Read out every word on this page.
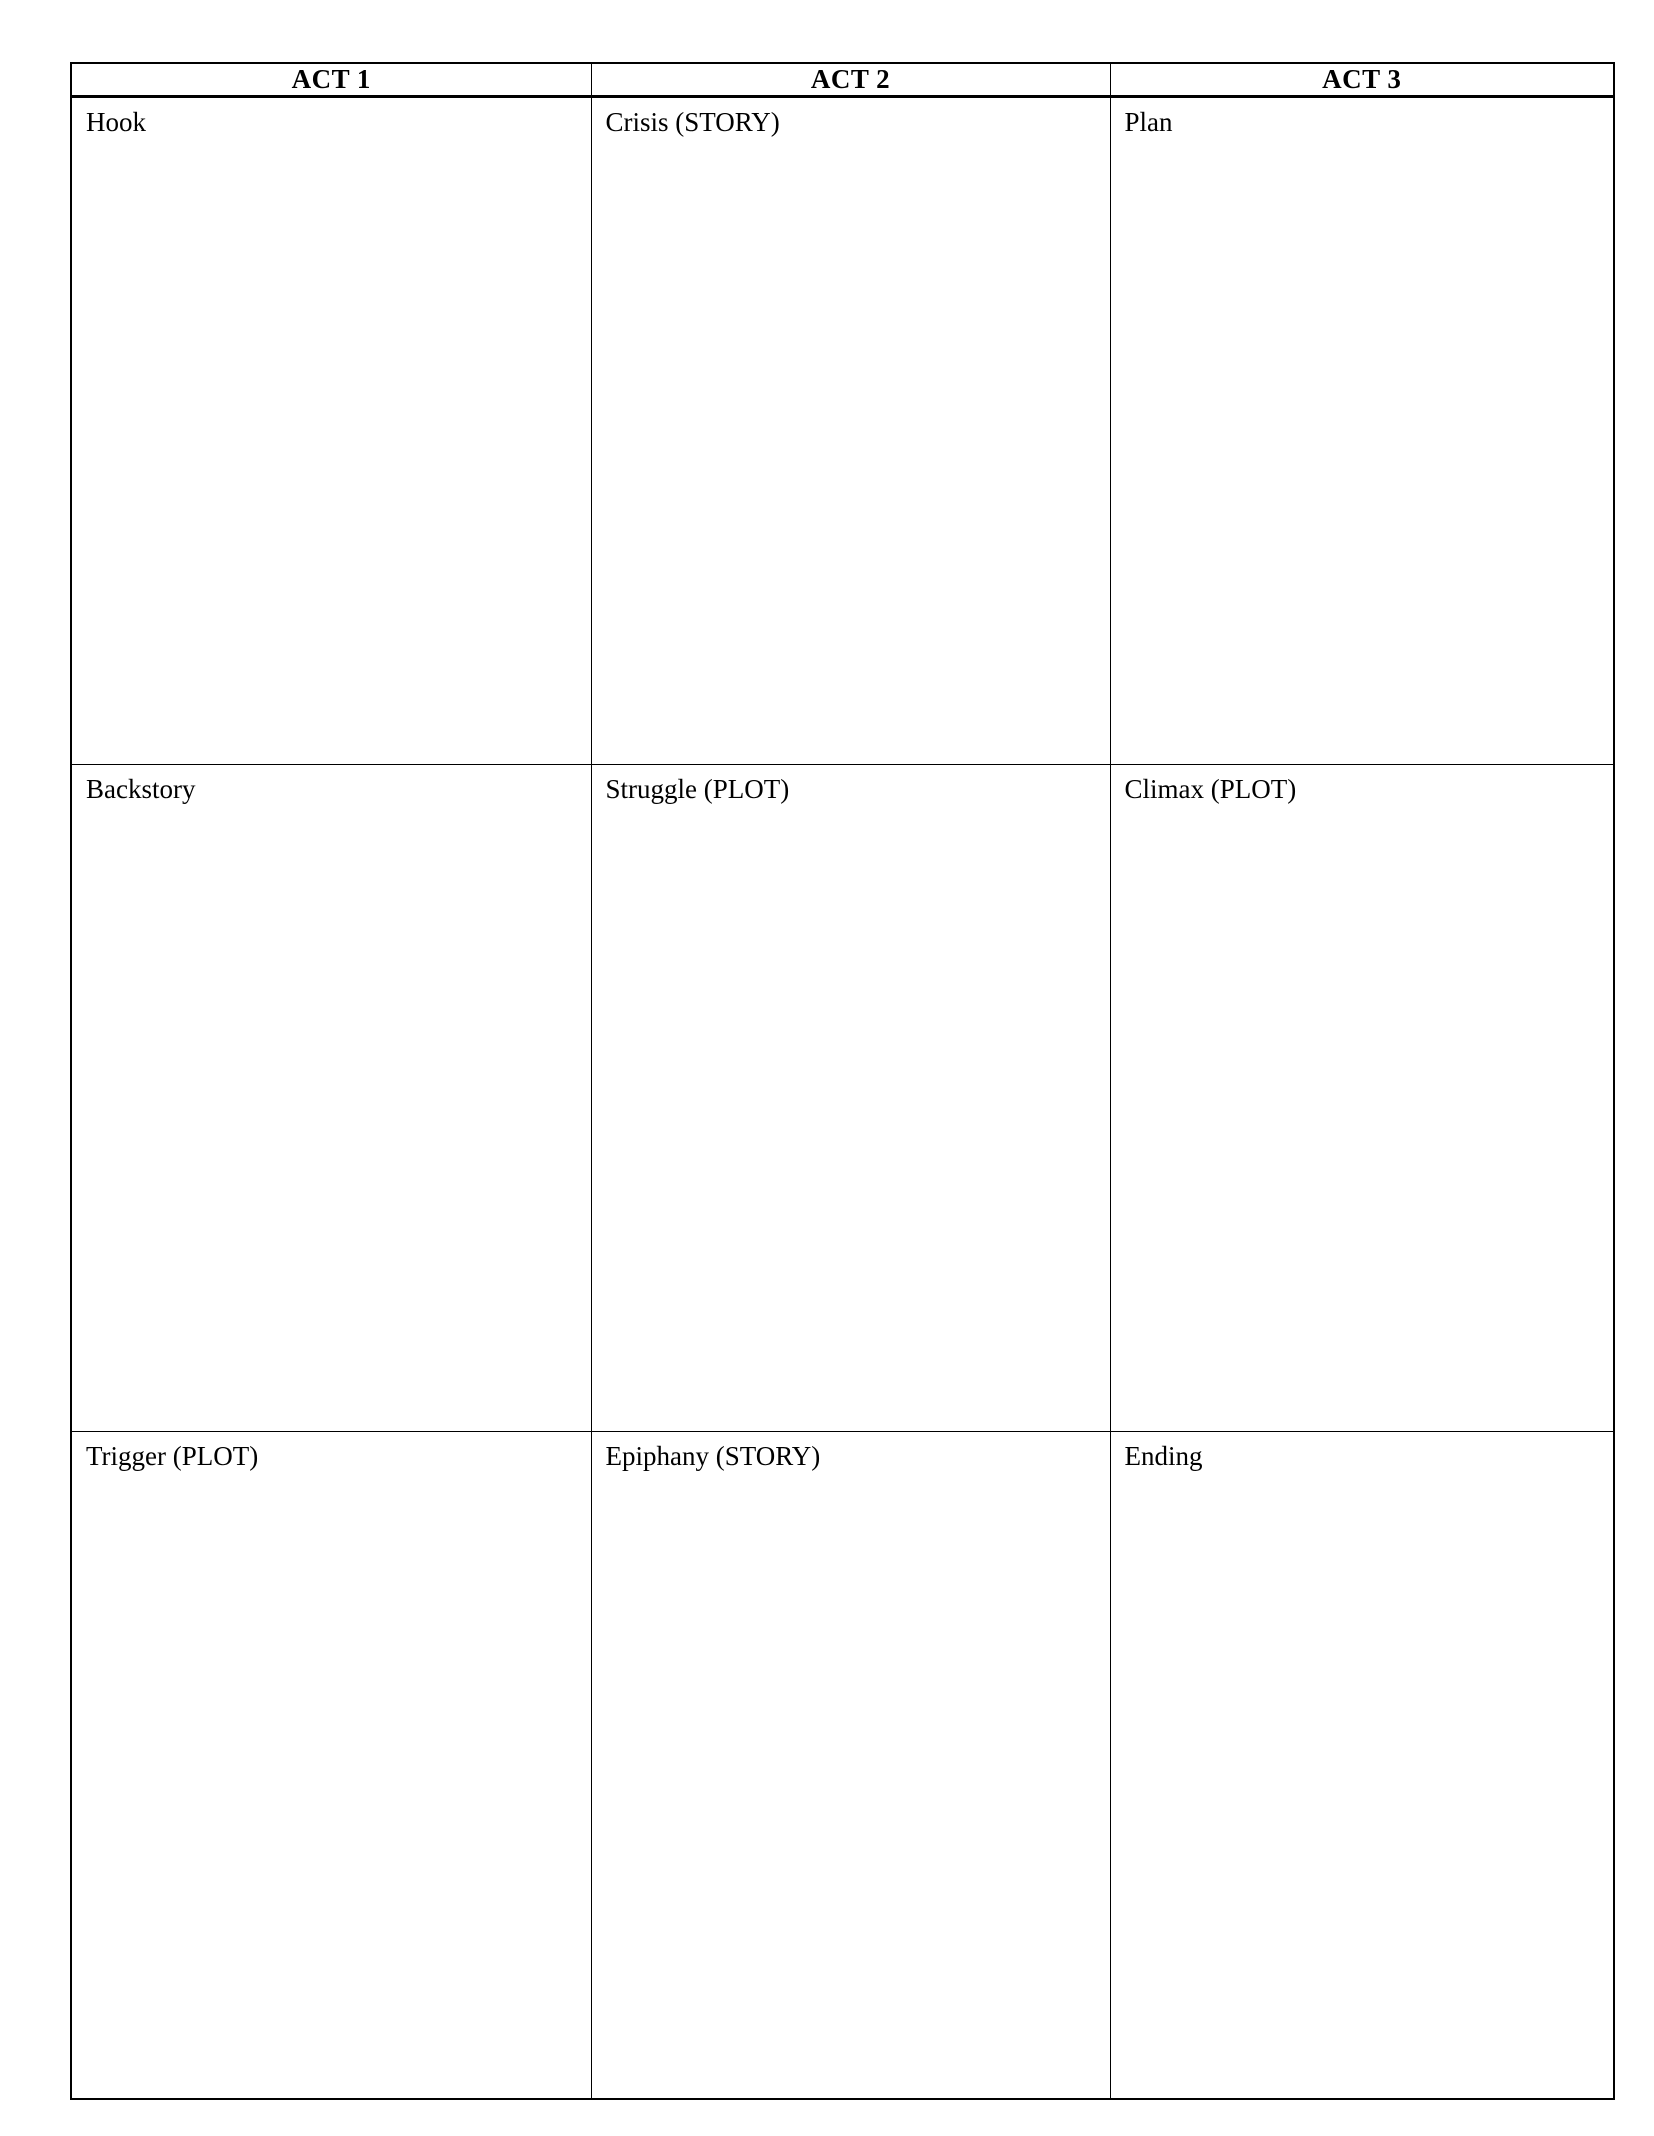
ACT 1	ACT 2	ACT 3
Hook	Crisis (STORY)	Plan
Backstory	Struggle (PLOT)	Climax (PLOT)
Trigger (PLOT)	Epiphany (STORY)	Ending
